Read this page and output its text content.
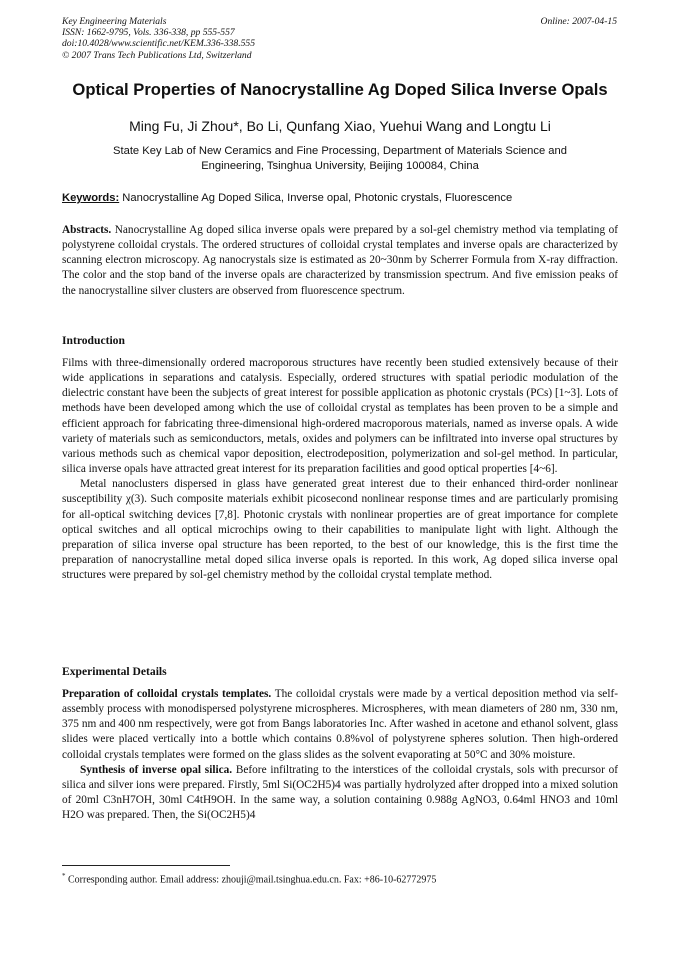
Key Engineering Materials
ISSN: 1662-9795, Vols. 336-338, pp 555-557
doi:10.4028/www.scientific.net/KEM.336-338.555
© 2007 Trans Tech Publications Ltd, Switzerland
Online: 2007-04-15
Optical Properties of Nanocrystalline Ag Doped Silica Inverse Opals
Ming Fu, Ji Zhou*, Bo Li, Qunfang Xiao, Yuehui Wang and Longtu Li
State Key Lab of New Ceramics and Fine Processing, Department of Materials Science and
Engineering, Tsinghua University, Beijing 100084, China
Keywords: Nanocrystalline Ag Doped Silica, Inverse opal, Photonic crystals, Fluorescence

Abstracts. Nanocrystalline Ag doped silica inverse opals were prepared by a sol-gel chemistry method via templating of polystyrene colloidal crystals. The ordered structures of colloidal crystal templates and inverse opals are characterized by scanning electron microscopy. Ag nanocrystals size is estimated as 20~30nm by Scherrer Formula from X-ray diffraction. The color and the stop band of the inverse opals are characterized by transmission spectrum. And five emission peaks of the nanocrystalline silver clusters are observed from fluorescence spectrum.

Introduction

Films with three-dimensionally ordered macroporous structures have recently been studied extensively because of their wide applications in separations and catalysis. Especially, ordered structures with spatial periodic modulation of the dielectric constant have been the subjects of great interest for possible application as photonic crystals (PCs) [1~3]. Lots of methods have been developed among which the use of colloidal crystal as templates has been proven to be a simple and efficient approach for fabricating three-dimensional high-ordered macroporous materials, named as inverse opals. A wide variety of materials such as semiconductors, metals, oxides and polymers can be infiltrated into inverse opal structures by various methods such as chemical vapor deposition, electrodeposition, polymerization and sol-gel method. In particular, silica inverse opals have attracted great interest for its preparation facilities and good optical properties [4~6].

Metal nanoclusters dispersed in glass have generated great interest due to their enhanced third-order nonlinear susceptibility χ(3). Such composite materials exhibit picosecond nonlinear response times and are particularly promising for all-optical switching devices [7,8]. Photonic crystals with nonlinear properties are of great importance for complete optical switches and all optical microchips owing to their capabilities to manipulate light with light. Although the preparation of silica inverse opal structure has been reported, to the best of our knowledge, this is the first time the preparation of nanocrystalline metal doped silica inverse opals is reported. In this work, Ag doped silica inverse opal structures were prepared by sol-gel chemistry method by the colloidal crystal template method.

Experimental Details

Preparation of colloidal crystals templates. The colloidal crystals were made by a vertical deposition method via self-assembly process with monodispersed polystyrene microspheres. Microspheres, with mean diameters of 280 nm, 330 nm, 375 nm and 400 nm respectively, were got from Bangs laboratories Inc. After washed in acetone and ethanol solvent, glass slides were placed vertically into a bottle which contains 0.8%vol of polystyrene spheres solution. Then high-ordered colloidal crystals templates were formed on the glass slides as the solvent evaporating at 50°C and 30% moisture.

Synthesis of inverse opal silica. Before infiltrating to the interstices of the colloidal crystals, sols with precursor of silica and silver ions were prepared. Firstly, 5ml Si(OC2H5)4 was partially hydrolyzed after dropped into a mixed solution of 20ml C3nH7OH, 30ml C4tH9OH. In the same way, a solution containing 0.988g AgNO3, 0.64ml HNO3 and 10ml H2O was prepared. Then, the Si(OC2H5)4

* Corresponding author. Email address: zhouji@mail.tsinghua.edu.cn. Fax: +86-10-62772975
